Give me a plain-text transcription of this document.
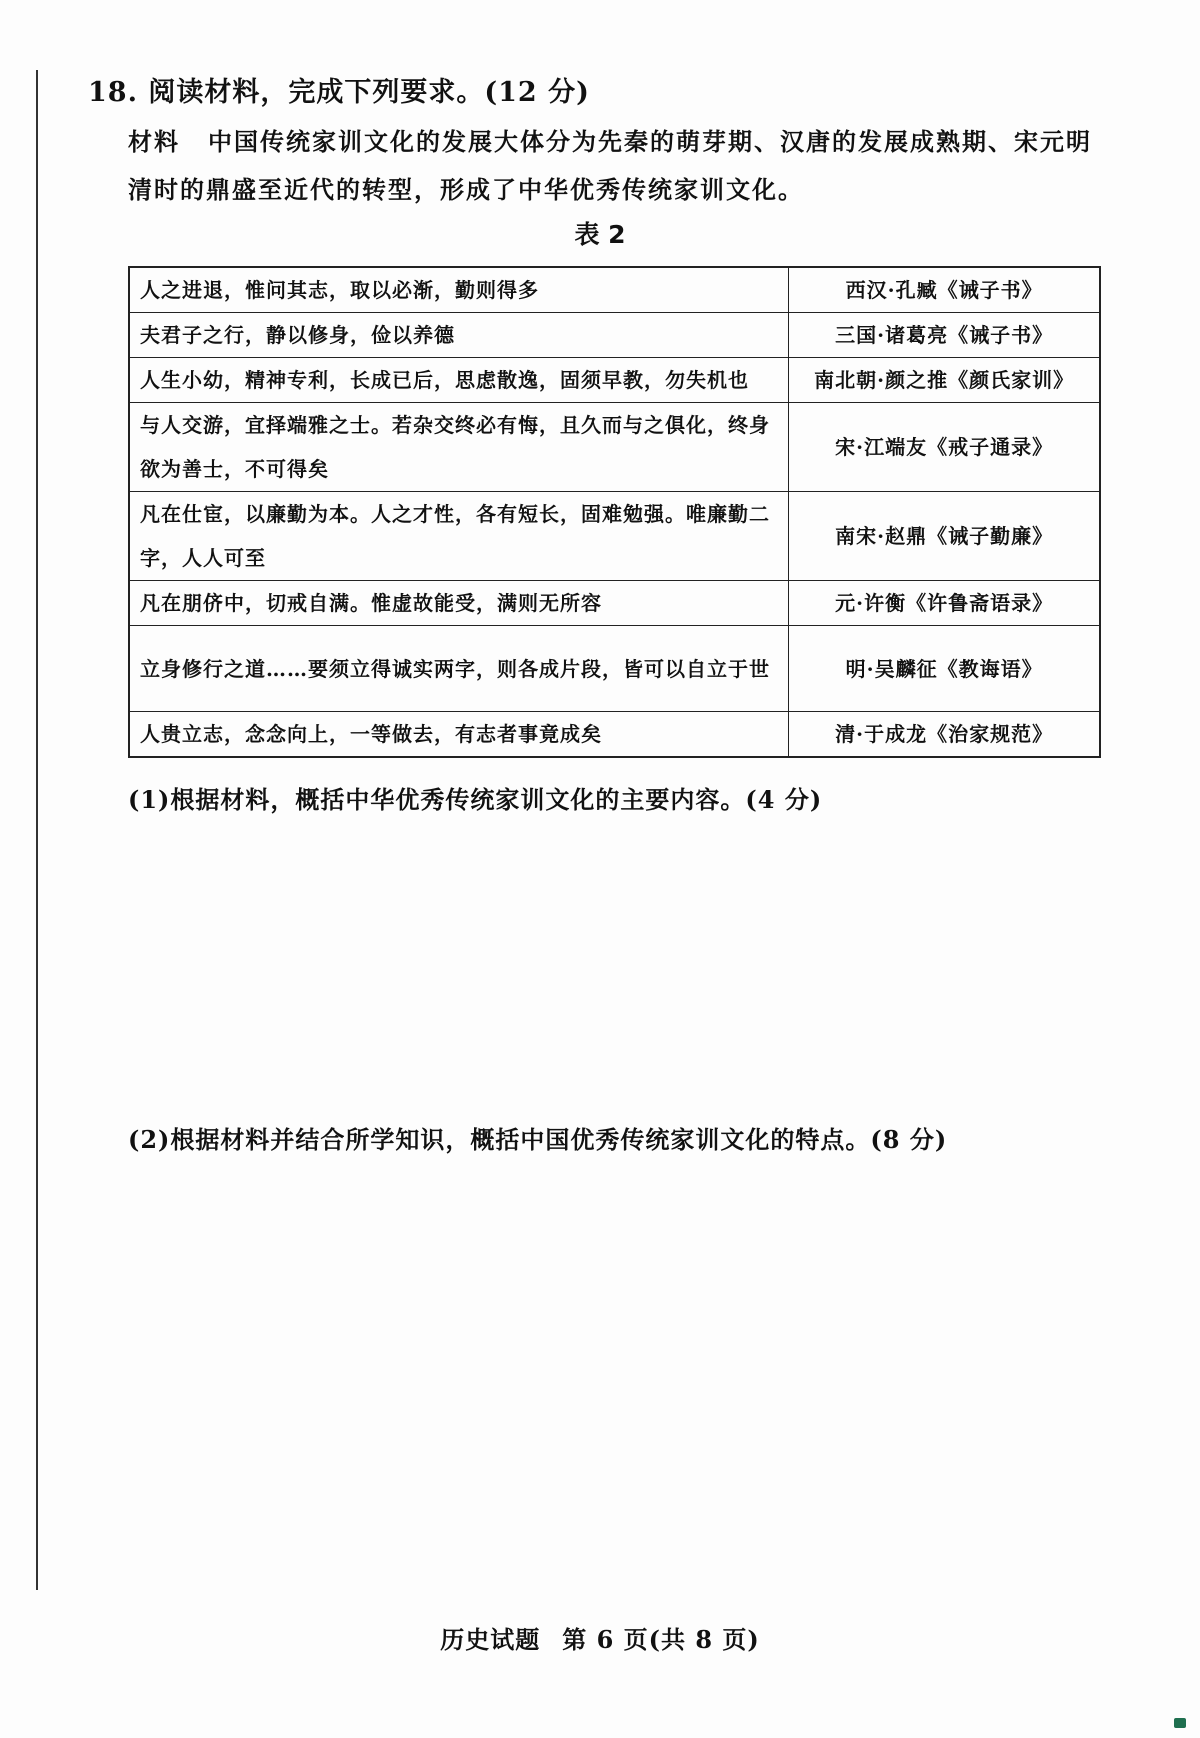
18. 阅读材料，完成下列要求。(12 分)
材料 中国传统家训文化的发展大体分为先秦的萌芽期、汉唐的发展成熟期、宋元明清时的鼎盛至近代的转型，形成了中华优秀传统家训文化。
表 2
人之进退，惟问其志，取以必渐，勤则得多	西汉·孔臧《诫子书》
夫君子之行，静以修身，俭以养德	三国·诸葛亮《诫子书》
人生小幼，精神专利，长成已后，思虑散逸，固须早教，勿失机也	南北朝·颜之推《颜氏家训》
与人交游，宜择端雅之士。若杂交终必有悔，且久而与之俱化，终身欲为善士，不可得矣	宋·江端友《戒子通录》
凡在仕宦，以廉勤为本。人之才性，各有短长，固难勉强。唯廉勤二字，人人可至	南宋·赵鼎《诫子勤廉》
凡在朋侪中，切戒自满。惟虚故能受，满则无所容	元·许衡《许鲁斋语录》
立身修行之道……要须立得诚实两字，则各成片段，皆可以自立于世	明·吴麟征《教诲语》
人贵立志，念念向上，一等做去，有志者事竟成矣	清·于成龙《治家规范》
(1)根据材料，概括中华优秀传统家训文化的主要内容。(4 分)
(2)根据材料并结合所学知识，概括中国优秀传统家训文化的特点。(8 分)
历史试题 第 6 页(共 8 页)
